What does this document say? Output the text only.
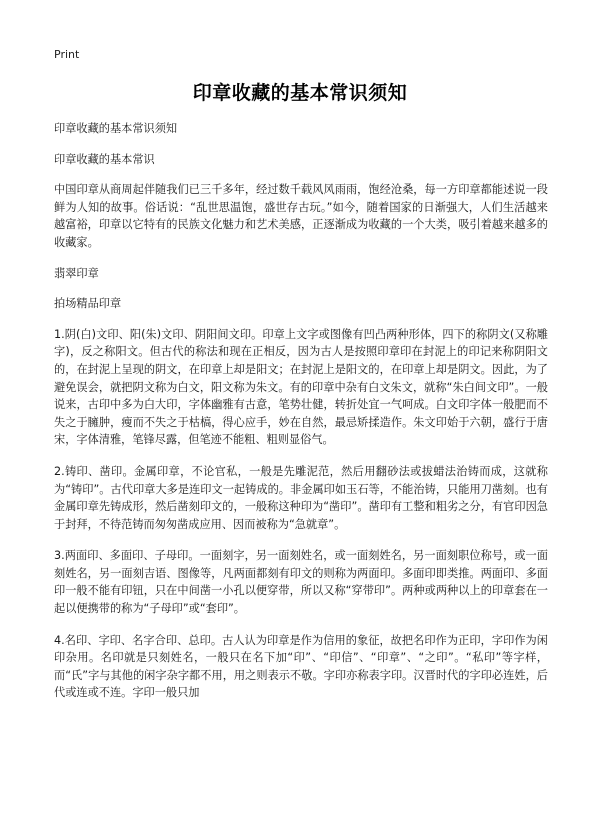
Print
印章收藏的基本常识须知

印章收藏的基本常识须知

印章收藏的基本常识

中国印章从商周起伴随我们已三千多年，经过数千载风风雨雨，饱经沧桑，每一方印章都能述说一段鲜为人知的故事。俗话说：“乱世思温饱，盛世存古玩。”如今，随着国家的日渐强大，人们生活越来越富裕，印章以它特有的民族文化魅力和艺术美感，正逐渐成为收藏的一个大类，吸引着越来越多的收藏家。

翡翠印章

拍场精品印章

1.阴(白)文印、阳(朱)文印、阴阳间文印。印章上文字或图像有凹凸两种形体，四下的称阴文(又称雕字)，反之称阳文。但古代的称法和现在正相反，因为古人是按照印章印在封泥上的印记来称阴阳文的，在封泥上呈现的阴文，在印章上却是阳文；在封泥上是阳文的，在印章上却是阴文。因此，为了避免误会，就把阴文称为白文，阳文称为朱文。有的印章中杂有白文朱文，就称“朱白间文印”。一般说来，古印中多为白大印，字体幽雅有古意，笔势壮健，转折处宜一气呵成。白文印字体一般肥而不失之于臃肿，瘦而不失之于枯槁，得心应手，妙在自然，最忌矫揉造作。朱文印始于六朝，盛行于唐宋，字体清雅，笔锋尽露，但笔迹不能粗、粗则显俗气。

2.铸印、凿印。金属印章，不论官私，一般是先雕泥范，然后用翻砂法或拔蜡法治铸而成，这就称为“铸印”。古代印章大多是连印文一起铸成的。非金属印如玉石等，不能治铸，只能用刀凿刻。也有金属印章先铸成形，然后凿刻印文的，一般称这种印为“凿印”。凿印有工整和粗劣之分，有官印因急于封拜，不待范铸而匆匆凿成应用、因而被称为“急就章”。

3.两面印、多面印、子母印。一面刻字，另一面刻姓名，或一面刻姓名，另一面刻职位称号，或一面刻姓名，另一面刻吉语、图像等，凡两面都刻有印文的则称为两面印。多面印即类推。两面印、多面印一般不能有印钮，只在中间凿一小孔以便穿带，所以又称“穿带印”。两种或两种以上的印章套在一起以便携带的称为“子母印”或“套印”。

4.名印、字印、名字合印、总印。古人认为印章是作为信用的象征，故把名印作为正印，字印作为闲印杂用。名印就是只刻姓名，一般只在名下加“印”、“印信”、“印章”、“之印”。“私印”等字样，而“氏”字与其他的闲字杂字都不用，用之则表示不敬。字印亦称表字印。汉晋时代的字印必连姓，后代或连或不连。字印一般只加
